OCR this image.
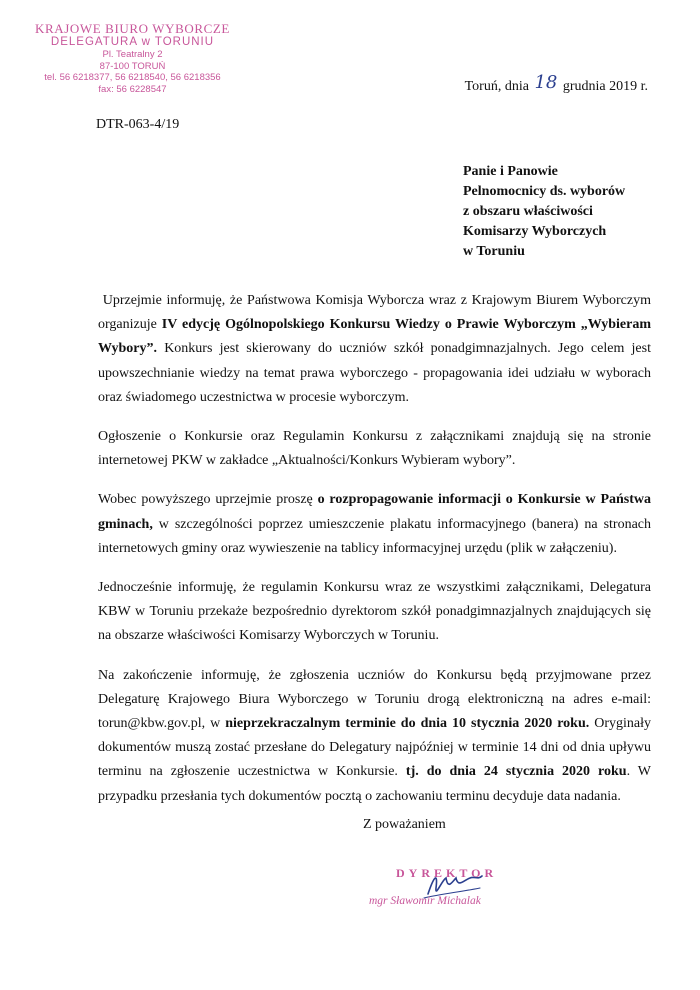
KRAJOWE BIURO WYBORCZE
DELEGATURA w TORUNIU
Pl. Teatralny 2
87-100 TORUŃ
tel. 56 6218377, 56 6218540, 56 6218356
fax: 56 6228547	Toruń, dnia 18 grudnia 2019 r.
DTR-063-4/19
Panie i Panowie
Pelnomocnicy ds. wyborów
z obszaru właściwości
Komisarzy Wyborczych
w Toruniu

Uprzejmie informuję, że Państwowa Komisja Wyborcza wraz z Krajowym Biurem Wyborczym organizuje IV edycję Ogólnopolskiego Konkursu Wiedzy o Prawie Wyborczym „Wybieram Wybory”. Konkurs jest skierowany do uczniów szkół ponadgimnazjalnych. Jego celem jest upowszechnianie wiedzy na temat prawa wyborczego - propagowania idei udziału w wyborach oraz świadomego uczestnictwa w procesie wyborczym.

Ogłoszenie o Konkursie oraz Regulamin Konkursu z załącznikami znajdują się na stronie internetowej PKW w zakładce „Aktualności/Konkurs Wybieram wybory”.

Wobec powyższego uprzejmie proszę o rozpropagowanie informacji o Konkursie w Państwa gminach, w szczególności poprzez umieszczenie plakatu informacyjnego (banera) na stronach internetowych gminy oraz wywieszenie na tablicy informacyjnej urzędu (plik w załączeniu).

Jednocześnie informuję, że regulamin Konkursu wraz ze wszystkimi załącznikami, Delegatura KBW w Toruniu przekaże bezpośrednio dyrektorom szkół ponadgimnazjalnych znajdujących się na obszarze właściwości Komisarzy Wyborczych w Toruniu.

Na zakończenie informuję, że zgłoszenia uczniów do Konkursu będą przyjmowane przez Delegaturę Krajowego Biura Wyborczego w Toruniu drogą elektroniczną na adres e-mail: torun@kbw.gov.pl, w nieprzekraczalnym terminie do dnia 10 stycznia 2020 roku. Oryginały dokumentów muszą zostać przesłane do Delegatury najpóźniej w terminie 14 dni od dnia upływu terminu na zgłoszenie uczestnictwa w Konkursie. tj. do dnia 24 stycznia 2020 roku. W przypadku przesłania tych dokumentów pocztą o zachowaniu terminu decyduje data nadania.

Z poważaniem
DYREKTOR
mgr Sławomir Michalak
